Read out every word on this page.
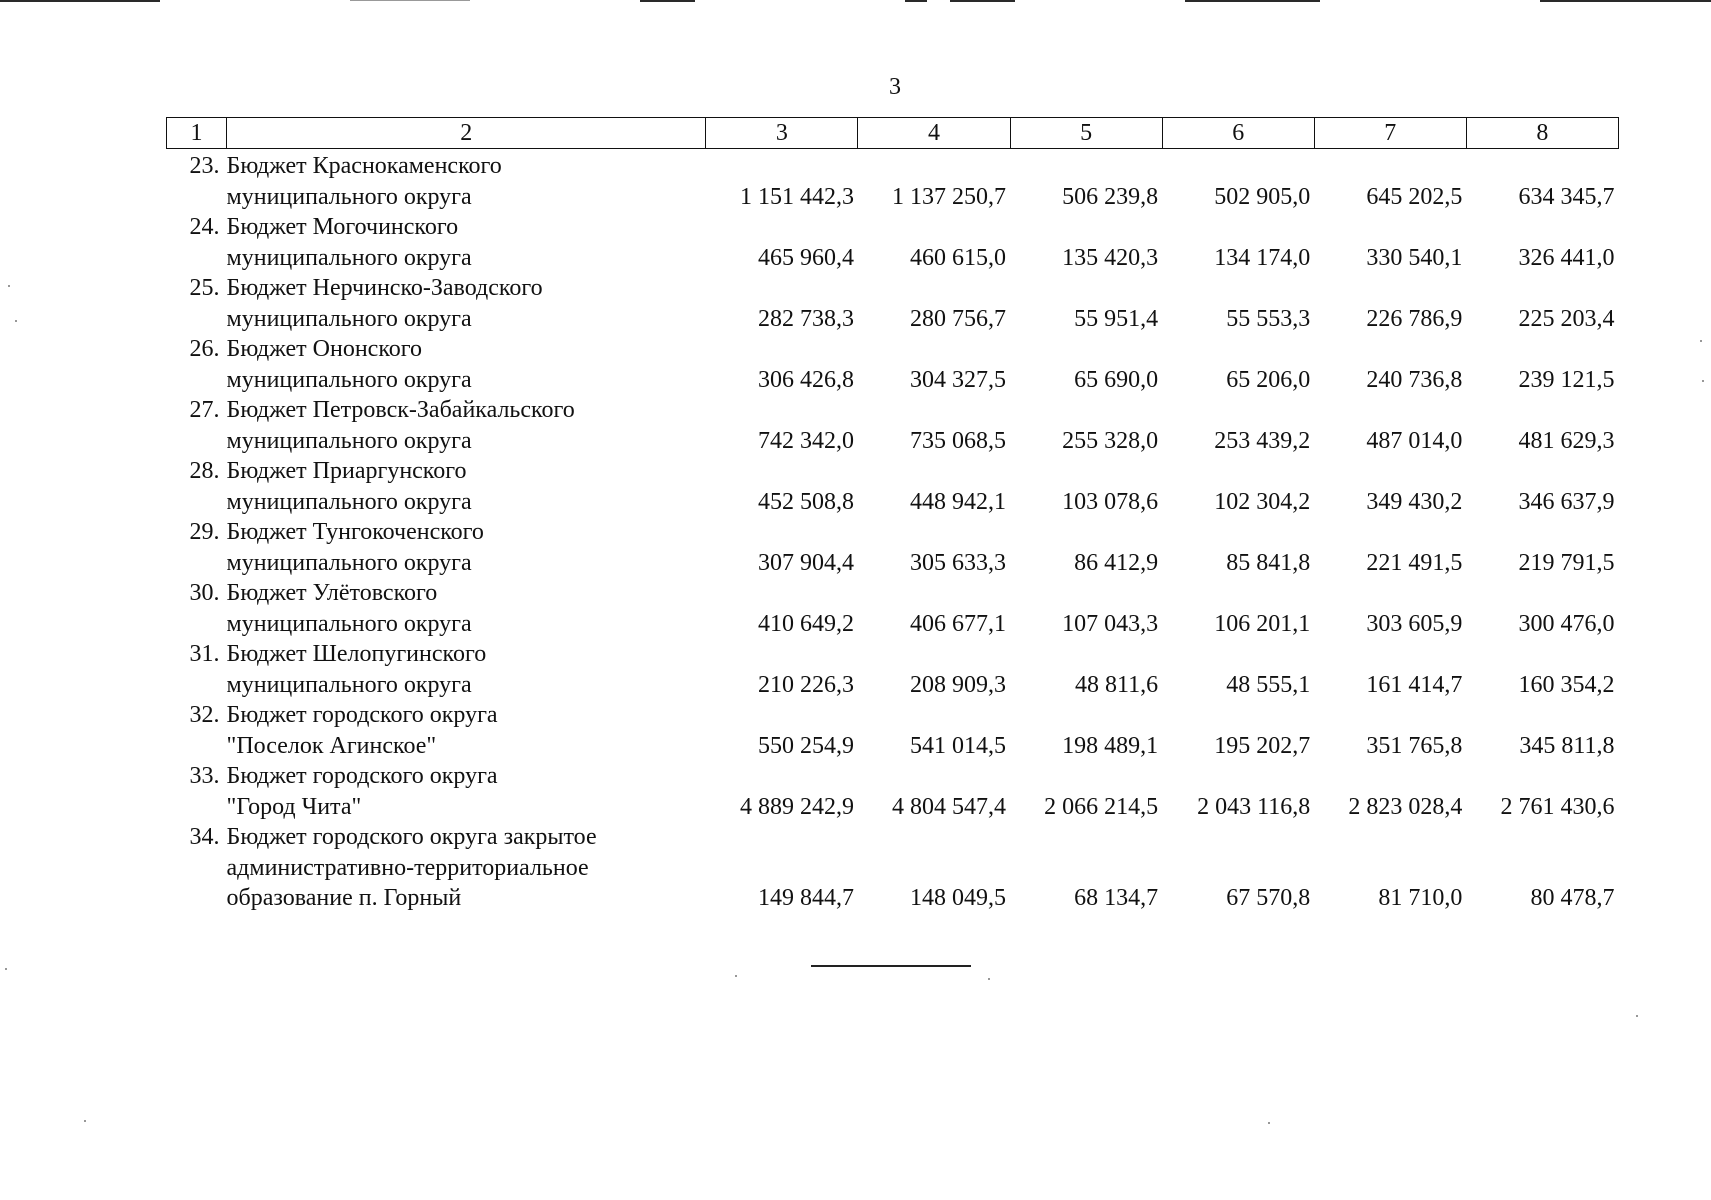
3
1	2	3	4	5	6	7	8
23.	Бюджет Краснокаменского
муниципального округа	1 151 442,3	1 137 250,7	506 239,8	502 905,0	645 202,5	634 345,7
24.	Бюджет Могочинского
муниципального округа	465 960,4	460 615,0	135 420,3	134 174,0	330 540,1	326 441,0
25.	Бюджет Нерчинско-Заводского
муниципального округа	282 738,3	280 756,7	55 951,4	55 553,3	226 786,9	225 203,4
26.	Бюджет Ононского
муниципального округа	306 426,8	304 327,5	65 690,0	65 206,0	240 736,8	239 121,5
27.	Бюджет Петровск-Забайкальского
муниципального округа	742 342,0	735 068,5	255 328,0	253 439,2	487 014,0	481 629,3
28.	Бюджет Приаргунского
муниципального округа	452 508,8	448 942,1	103 078,6	102 304,2	349 430,2	346 637,9
29.	Бюджет Тунгокоченского
муниципального округа	307 904,4	305 633,3	86 412,9	85 841,8	221 491,5	219 791,5
30.	Бюджет Улётовского
муниципального округа	410 649,2	406 677,1	107 043,3	106 201,1	303 605,9	300 476,0
31.	Бюджет Шелопугинского
муниципального округа	210 226,3	208 909,3	48 811,6	48 555,1	161 414,7	160 354,2
32.	Бюджет городского округа
"Поселок Агинское"	550 254,9	541 014,5	198 489,1	195 202,7	351 765,8	345 811,8
33.	Бюджет городского округа
"Город Чита"	4 889 242,9	4 804 547,4	2 066 214,5	2 043 116,8	2 823 028,4	2 761 430,6
34.	Бюджет городского округа закрытое
административно-территориальное
образование п. Горный	149 844,7	148 049,5	68 134,7	67 570,8	81 710,0	80 478,7
